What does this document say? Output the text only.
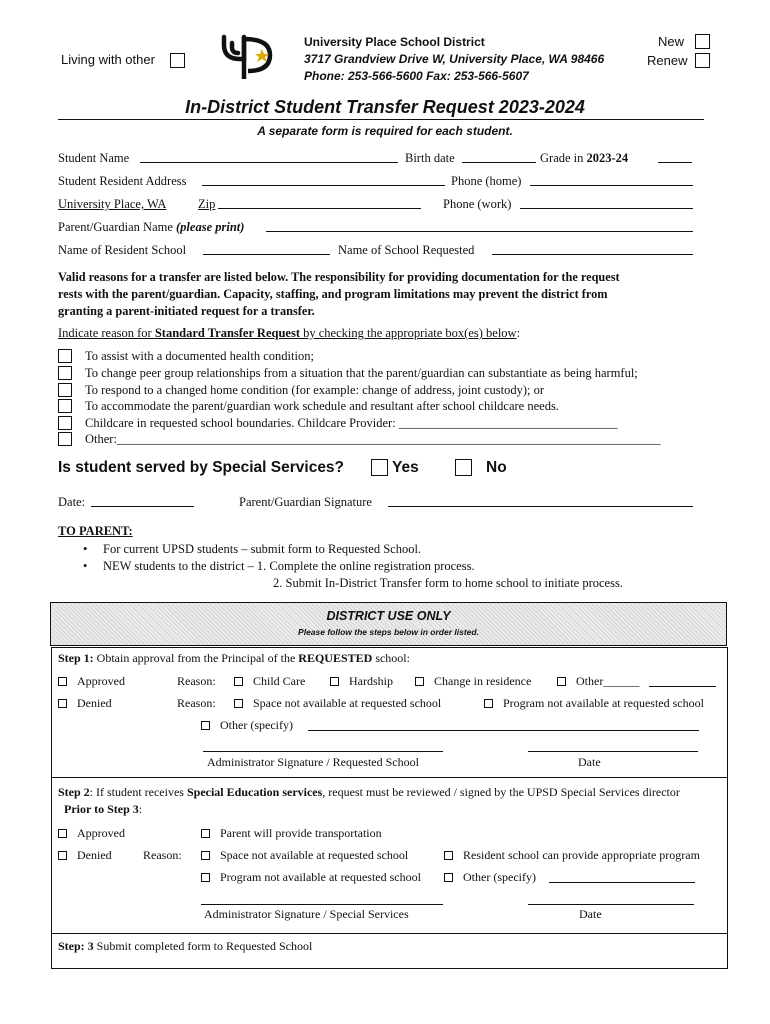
Living with other
University Place School District
3717 Grandview Drive W, University Place, WA 98466
Phone: 253-566-5600 Fax: 253-566-5607
New
Renew
In-District Student Transfer Request 2023-2024
A separate form is required for each student.
Student Name	Birth date	Grade in 2023-24
Student Resident Address	Phone (home)
University Place, WA	Zip	Phone (work)
Parent/Guardian Name (please print)
Name of Resident School	Name of School Requested
Valid reasons for a transfer are listed below. The responsibility for providing documentation for the request
rests with the parent/guardian. Capacity, staffing, and program limitations may prevent the district from
granting a parent-initiated request for a transfer.
Indicate reason for Standard Transfer Request by checking the appropriate box(es) below:
To assist with a documented health condition;
To change peer group relationships from a situation that the parent/guardian can substantiate as being harmful;
To respond to a changed home condition (for example: change of address, joint custody); or
To accommodate the parent/guardian work schedule and resultant after school childcare needs.
Childcare in requested school boundaries. Childcare Provider: ___________________________________
Other:_______________________________________________________________________________________
Is student served by Special Services?	Yes	No
Date:	Parent/Guardian Signature
TO PARENT:
• For current UPSD students – submit form to Requested School.
• NEW students to the district – 1. Complete the online registration process.
2. Submit In-District Transfer form to home school to initiate process.
DISTRICT USE ONLY
Please follow the steps below in order listed.
Step 1: Obtain approval from the Principal of the REQUESTED school:
Approved	Reason:	Child Care	Hardship	Change in residence	Other______
Denied	Reason:	Space not available at requested school	Program not available at requested school
Other (specify)
Administrator Signature / Requested School	Date
Step 2: If student receives Special Education services, request must be reviewed / signed by the UPSD Special Services director
Prior to Step 3:
Approved	Parent will provide transportation
Denied	Reason:	Space not available at requested school	Resident school can provide appropriate program
Program not available at requested school	Other (specify)
Administrator Signature / Special Services	Date
Step: 3 Submit completed form to Requested School
